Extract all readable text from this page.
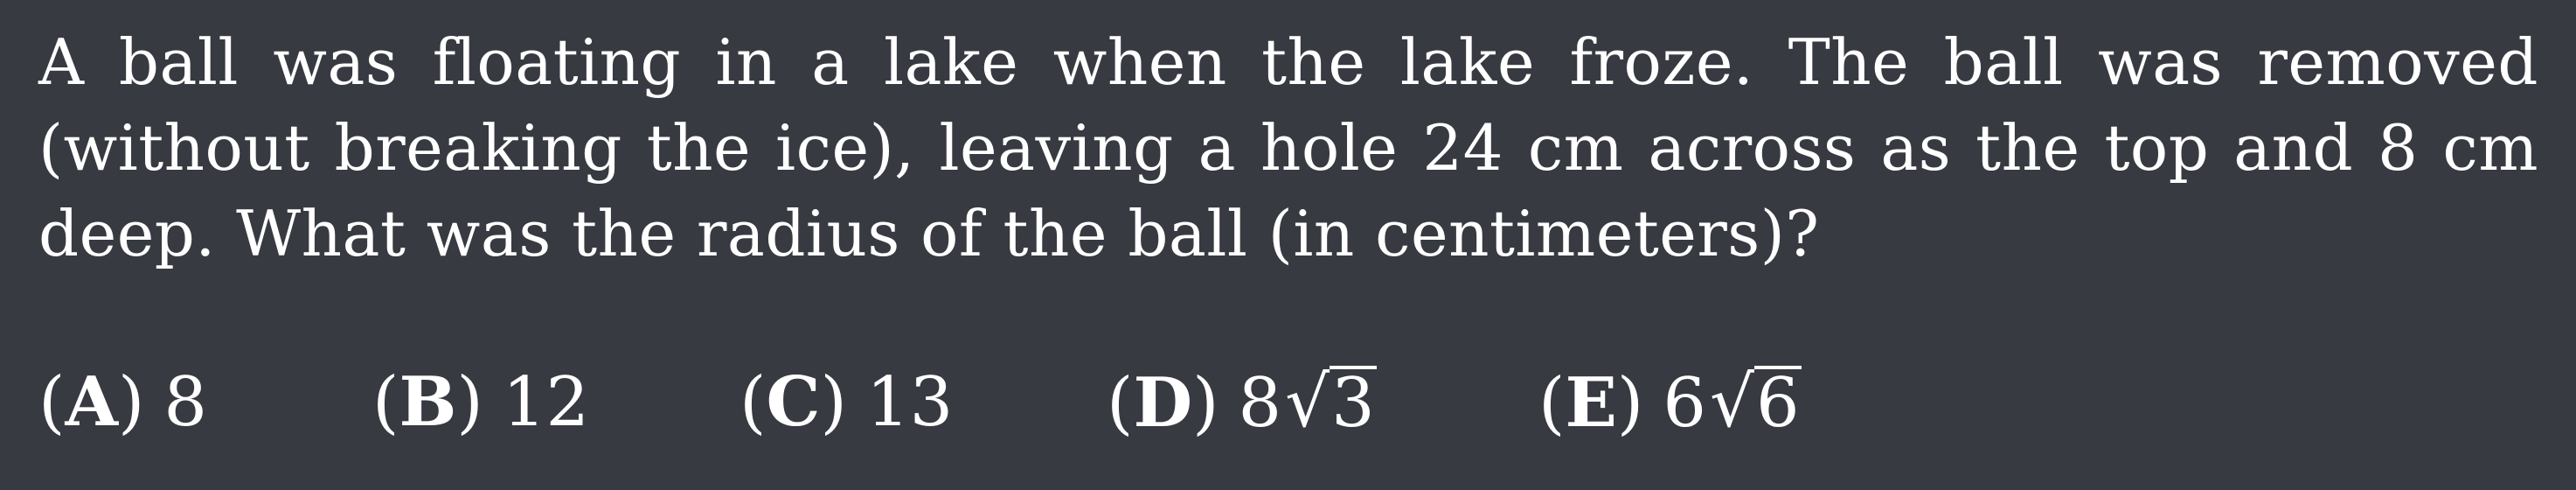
A ball was floating in a lake when the lake froze. The ball was removed (without breaking the ice), leaving a hole 24 cm across as the top and 8 cm deep. What was the radius of the ball (in centimeters)?
(A) 8 (B) 12 (C) 13 (D) 8√3 (E) 6√6
